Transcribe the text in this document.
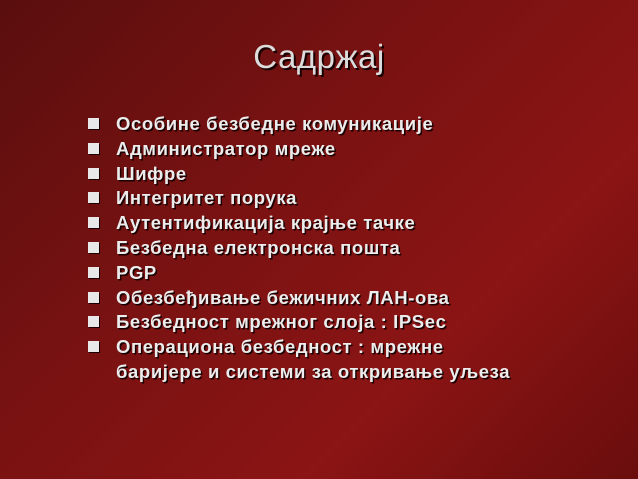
Садржај
Особине безбедне комуникације
Администратор мреже
Шифре
Интегритет порука
Аутентификација крајње тачке
Безбедна електронска пошта
PGP
Обезбеђивање бежичних ЛАН-ова
Безбедност мрежног слоја : IPSec
Оперaциона безбедност : мрежне
баријере и системи за откривање уљеза
